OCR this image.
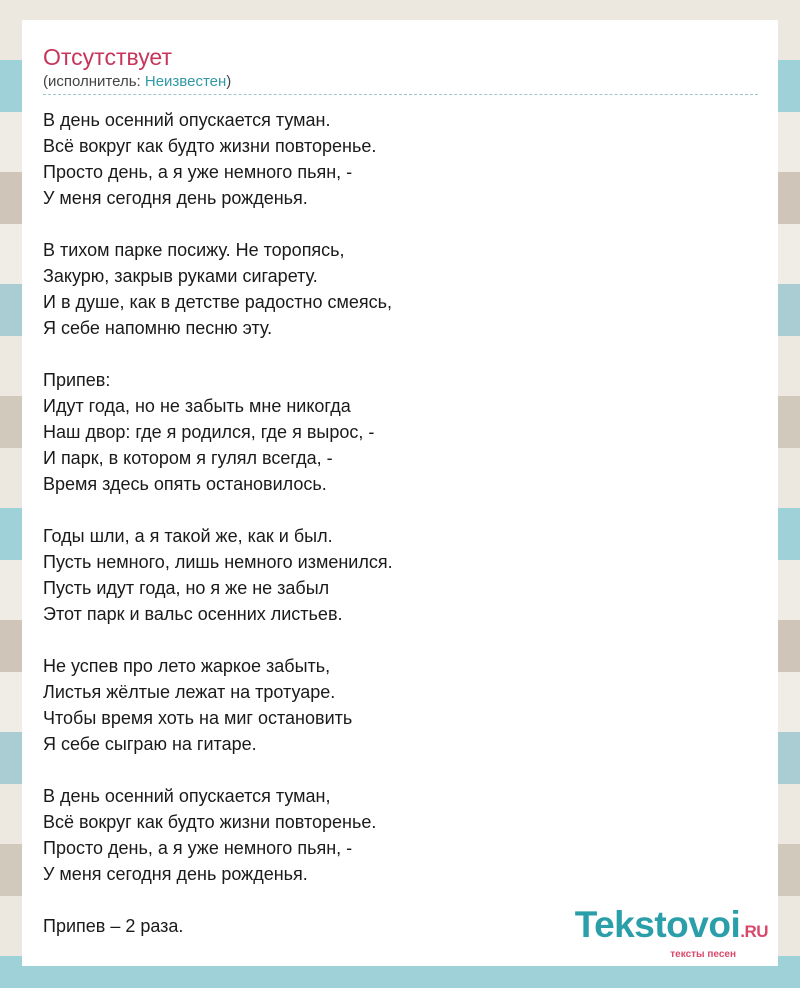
Отсутствует
(исполнитель: Неизвестен)
В день осенний опускается туман.
Всё вокруг как будто жизни повторенье.
Просто день, а я уже немного пьян, -
У меня сегодня день рожденья.
В тихом парке посижу. Не торопясь,
Закурю, закрыв руками сигарету.
И в душе, как в детстве радостно смеясь,
Я себе напомню песню эту.
Припев:
Идут года, но не забыть мне никогда
Наш двор: где я родился, где я вырос, -
И парк, в котором я гулял всегда, -
Время здесь опять остановилось.
Годы шли, а я такой же, как и был.
Пусть немного, лишь немного изменился.
Пусть идут года, но я же не забыл
Этот парк и вальс осенних листьев.
Не успев про лето жаркое забыть,
Листья жёлтые лежат на тротуаре.
Чтобы время хоть на миг остановить
Я себе сыграю на гитаре.
В день осенний опускается туман,
Всё вокруг как будто жизни повторенье.
Просто день, а я уже немного пьян, -
У меня сегодня день рожденья.
Припев – 2 раза.	Tekstovoi.RU
тексты песен
